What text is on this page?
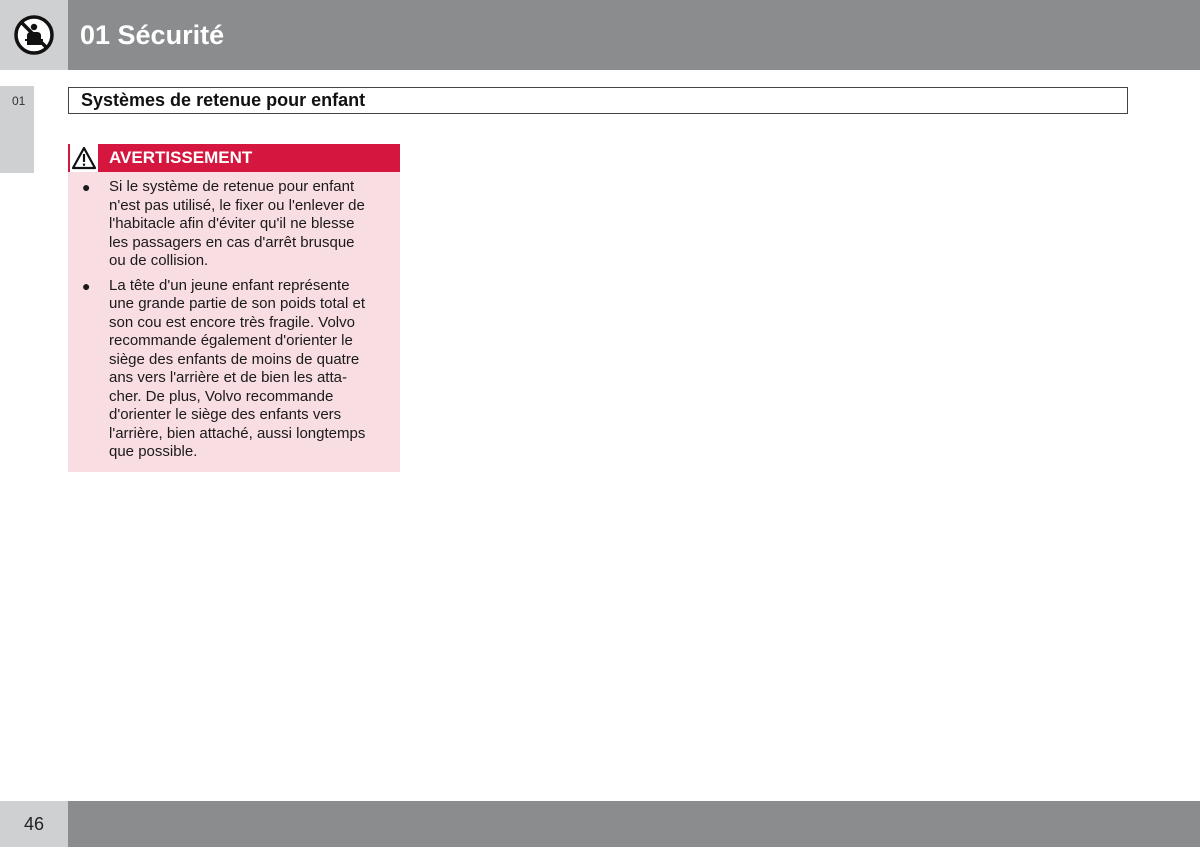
01 Sécurité
01	Systèmes de retenue pour enfant
AVERTISSEMENT
●	Si le système de retenue pour enfant
n'est pas utilisé, le fixer ou l'enlever de
l'habitacle afin d'éviter qu'il ne blesse
les passagers en cas d'arrêt brusque
ou de collision.
●	La tête d'un jeune enfant représente
une grande partie de son poids total et
son cou est encore très fragile. Volvo
recommande également d'orienter le
siège des enfants de moins de quatre
ans vers l'arrière et de bien les atta-
cher. De plus, Volvo recommande
d'orienter le siège des enfants vers
l'arrière, bien attaché, aussi longtemps
que possible.
46
